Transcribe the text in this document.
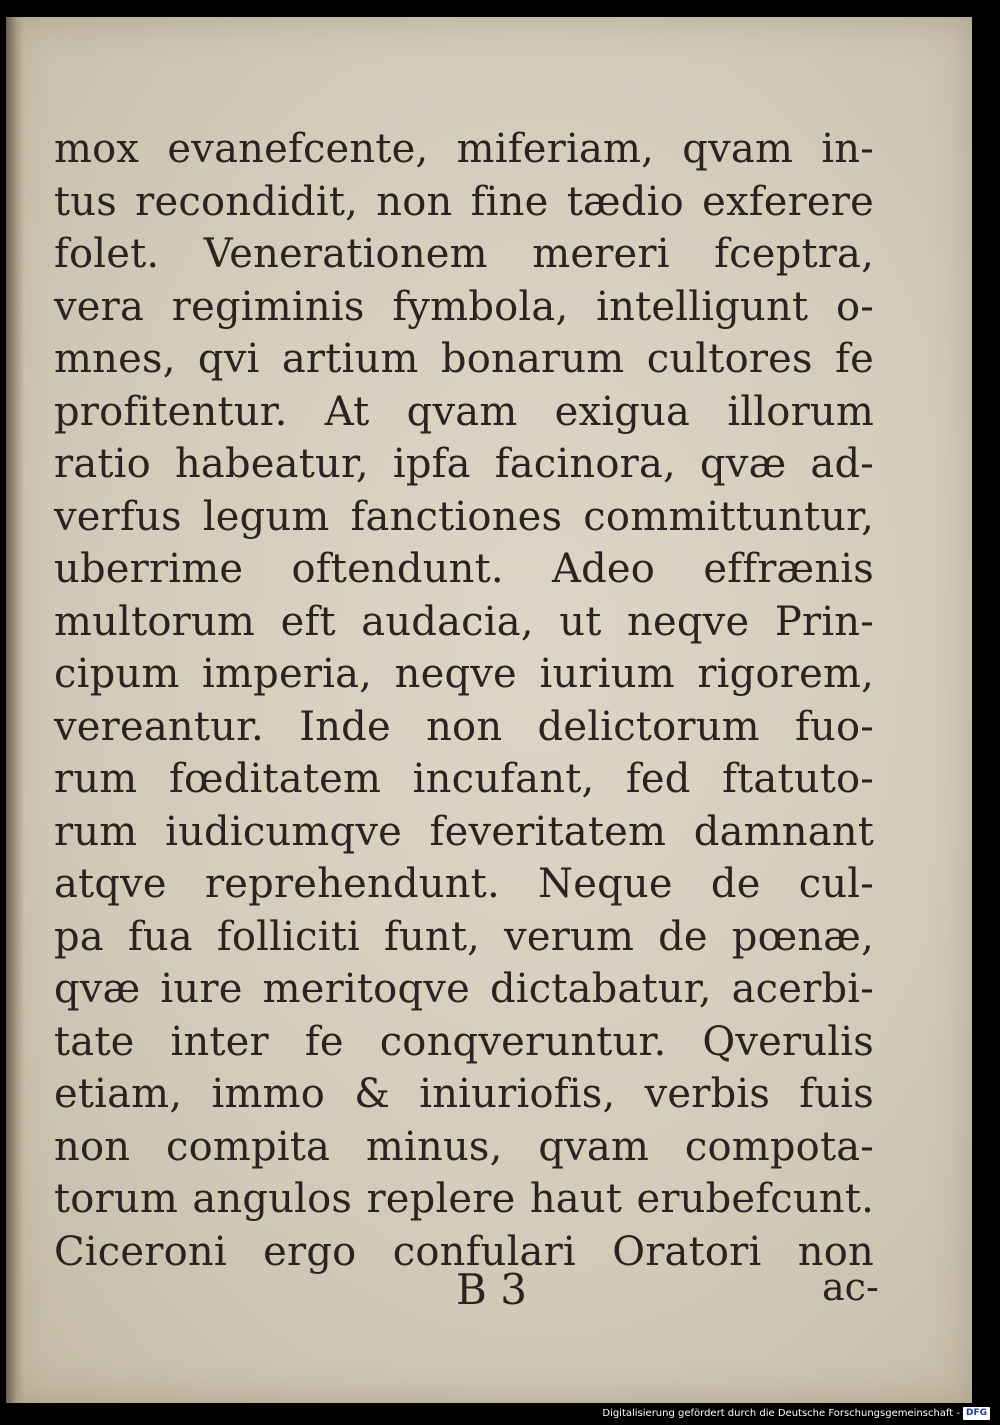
mox evanefcente, miferiam, qvam in-
tus recondidit, non fine tædio exferere
folet. Venerationem mereri fceptra,
vera regiminis fymbola, intelligunt o-
mnes, qvi artium bonarum cultores fe
profitentur. At qvam exigua illorum
ratio habeatur, ipfa facinora, qvæ ad-
verfus legum fanctiones committuntur,
uberrime oftendunt. Adeo effrænis
multorum eft audacia, ut neqve Prin-
cipum imperia, neqve iurium rigorem,
vereantur. Inde non delictorum fuo-
rum fœditatem incufant, fed ftatuto-
rum iudicumqve feveritatem damnant
atqve reprehendunt. Neque de cul-
pa fua folliciti funt, verum de pœnæ,
qvæ iure meritoqve dictabatur, acerbi-
tate inter fe conqveruntur. Qverulis
etiam, immo & iniuriofis, verbis fuis
non compita minus, qvam compota-
torum angulos replere haut erubefcunt.
Ciceroni ergo confulari Oratori non
B 3	ac-
Digitalisierung gefördert durch die Deutsche Forschungsgemeinschaft - DFG
